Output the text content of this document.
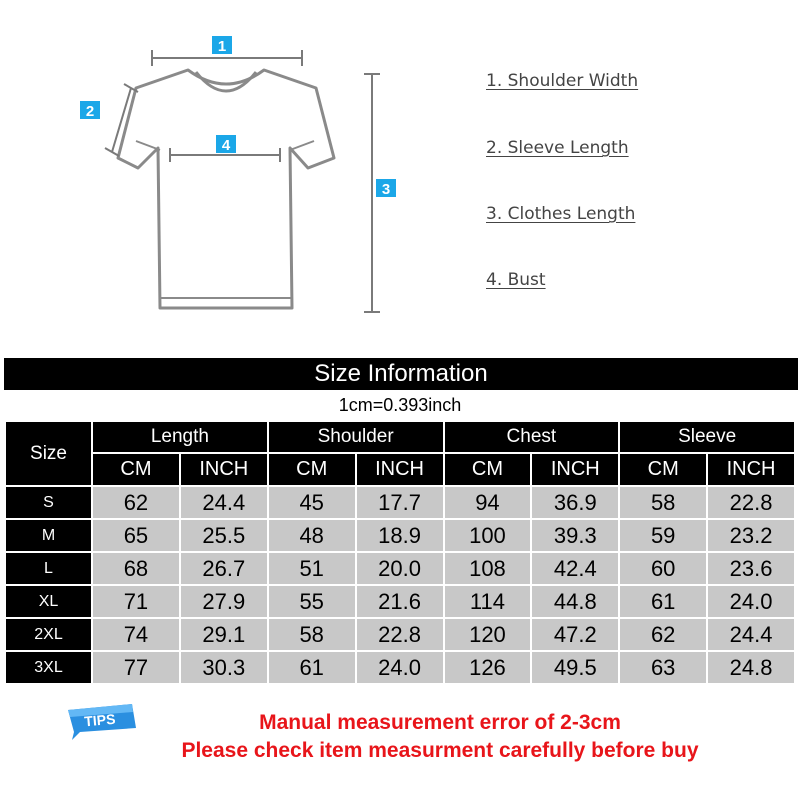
1
2
3
4
1. Shoulder Width
2. Sleeve Length
3. Clothes Length
4. Bust
Size Information
1cm=0.393inch
Size	Length		Shoulder		Chest		Sleeve	
	CM	INCH	CM	INCH	CM	INCH	CM	INCH
S	62	24.4	45	17.7	94	36.9	58	22.8
M	65	25.5	48	18.9	100	39.3	59	23.2
L	68	26.7	51	20.0	108	42.4	60	23.6
XL	71	27.9	55	21.6	114	44.8	61	24.0
2XL	74	29.1	58	22.8	120	47.2	62	24.4
3XL	77	30.3	61	24.0	126	49.5	63	24.8
TIPS	Manual measurement error of 2-3cm
Please check item measurment carefully before buy
